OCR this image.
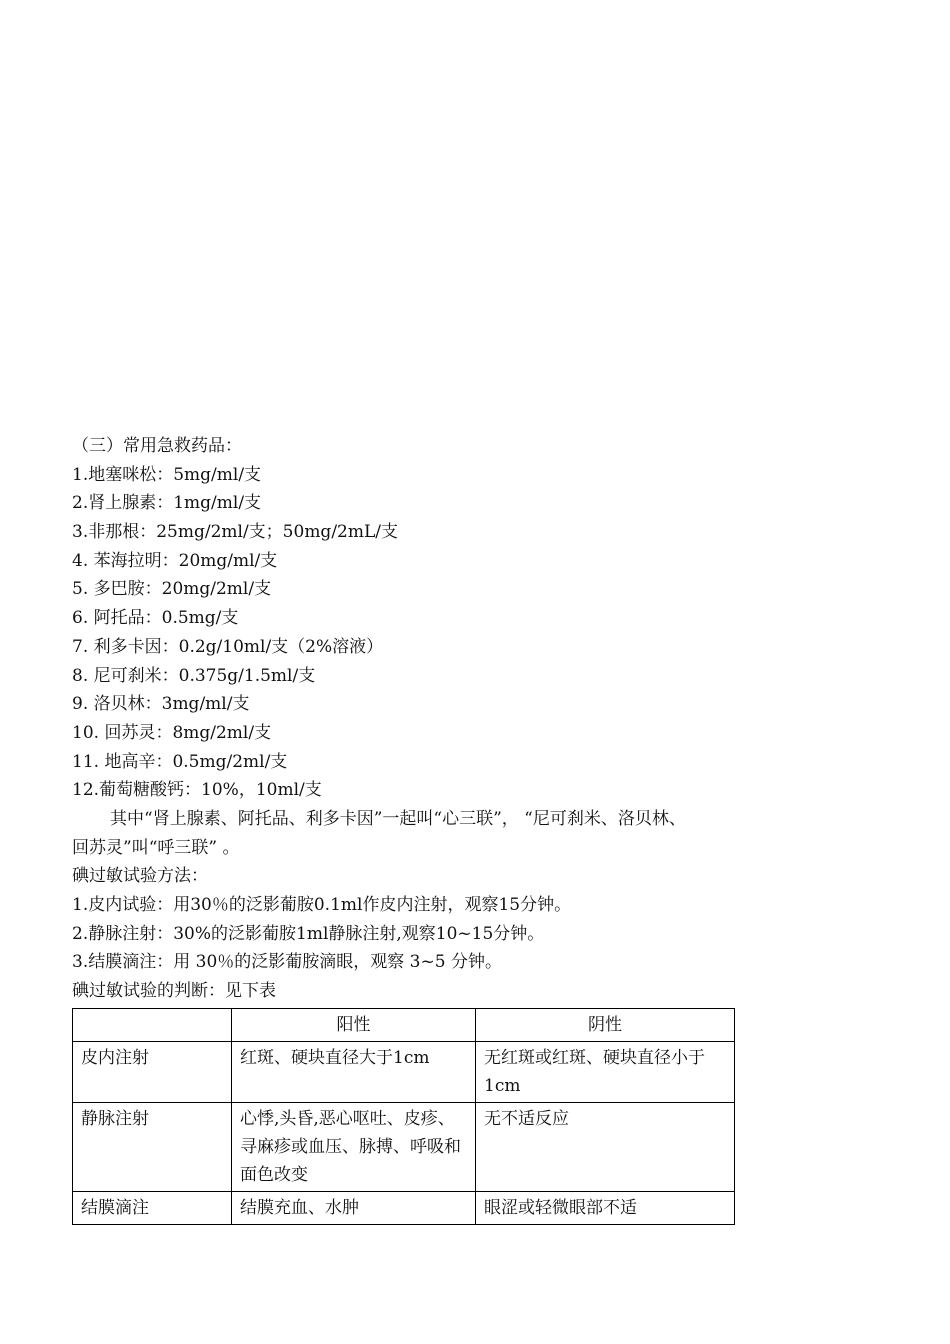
（三）常用急救药品：
1.地塞咪松：5mg/ml/支
2.肾上腺素：1mg/ml/支
3.非那根：25mg/2ml/支；50mg/2mL/支
4. 苯海拉明：20mg/ml/支
5. 多巴胺：20mg/2ml/支
6. 阿托品：0.5mg/支
7. 利多卡因：0.2g/10ml/支（2%溶液）
8. 尼可刹米：0.375g/1.5ml/支
9. 洛贝林：3mg/ml/支
10. 回苏灵：8mg/2ml/支
11. 地高辛：0.5mg/2ml/支
12.葡萄糖酸钙：10%，10ml/支
其中“肾上腺素、阿托品、利多卡因”一起叫“心三联”， “尼可刹米、洛贝林、
回苏灵”叫“呼三联” 。
碘过敏试验方法：
1.皮内试验：用30％的泛影葡胺0.1ml作皮内注射，观察15分钟。
2.静脉注射：30%的泛影葡胺1ml静脉注射,观察10~15分钟。
3.结膜滴注：用 30％的泛影葡胺滴眼，观察 3~5 分钟。
碘过敏试验的判断：见下表
	阳性	阴性
皮内注射	红斑、硬块直径大于1cm	无红斑或红斑、硬块直径小于1cm
静脉注射	心悸,头昏,恶心呕吐、皮疹、寻麻疹或血压、脉搏、呼吸和面色改变	无不适反应
结膜滴注	结膜充血、水肿	眼涩或轻微眼部不适
